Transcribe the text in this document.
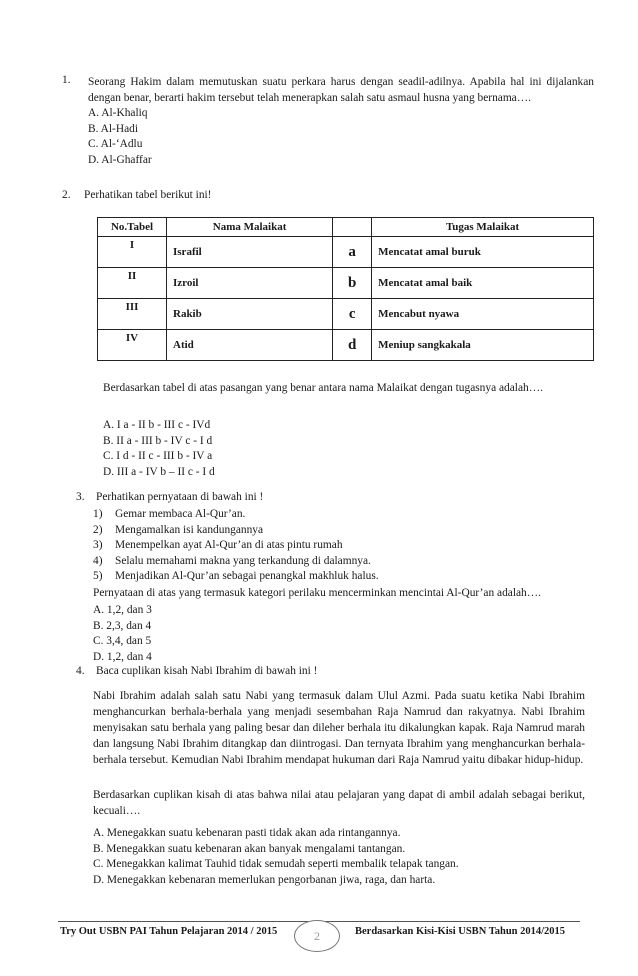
1. Seorang Hakim dalam memutuskan suatu perkara harus dengan seadil-adilnya. Apabila hal ini dijalankan dengan benar, berarti hakim tersebut telah menerapkan salah satu asmaul husna yang bernama….
A. Al-Khaliq
B. Al-Hadi
C. Al-‘Adlu
D. Al-Ghaffar
2. Perhatikan tabel berikut ini!
No.Tabel	Nama Malaikat		Tugas Malaikat
I	Israfil	a	Mencatat amal buruk
II	Izroil	b	Mencatat amal baik
III	Rakib	c	Mencabut nyawa
IV	Atid	d	Meniup sangkakala
Berdasarkan tabel di atas pasangan yang benar antara nama Malaikat dengan tugasnya adalah….
A. I a - II b - III c - IVd
B. II a - III b - IV c - I d
C. I d - II c - III b - IV a
D. III a - IV b – II c - I d
3. Perhatikan pernyataan di bawah ini !
1) Gemar membaca Al-Qur’an.
2) Mengamalkan isi kandungannya
3) Menempelkan ayat Al-Qur’an di atas pintu rumah
4) Selalu memahami makna yang terkandung di dalamnya.
5) Menjadikan Al-Qur’an sebagai penangkal makhluk halus.
Pernyataan di atas yang termasuk kategori perilaku mencerminkan mencintai Al-Qur’an adalah….
A. 1,2, dan 3
B. 2,3, dan 4
C. 3,4, dan 5
D. 1,2, dan 4
4. Baca cuplikan kisah Nabi Ibrahim di bawah ini !
Nabi Ibrahim adalah salah satu Nabi yang termasuk dalam Ulul Azmi. Pada suatu ketika Nabi Ibrahim menghancurkan berhala-berhala yang menjadi sesembahan Raja Namrud dan rakyatnya. Nabi Ibrahim menyisakan satu berhala yang paling besar dan dileher berhala itu dikalungkan kapak. Raja Namrud marah dan langsung Nabi Ibrahim ditangkap dan diintrogasi. Dan ternyata Ibrahim yang menghancurkan berhala-berhala tersebut. Kemudian Nabi Ibrahim mendapat hukuman dari Raja Namrud yaitu dibakar hidup-hidup.
Berdasarkan cuplikan kisah di atas bahwa nilai atau pelajaran yang dapat di ambil adalah sebagai berikut, kecuali….
A. Menegakkan suatu kebenaran pasti tidak akan ada rintangannya.
B. Menegakkan suatu kebenaran akan banyak mengalami tantangan.
C. Menegakkan kalimat Tauhid tidak semudah seperti membalik telapak tangan.
D. Menegakkan kebenaran memerlukan pengorbanan jiwa, raga, dan harta.
Try Out USBN PAI Tahun Pelajaran 2014 / 2015	2	Berdasarkan Kisi-Kisi USBN Tahun 2014/2015
